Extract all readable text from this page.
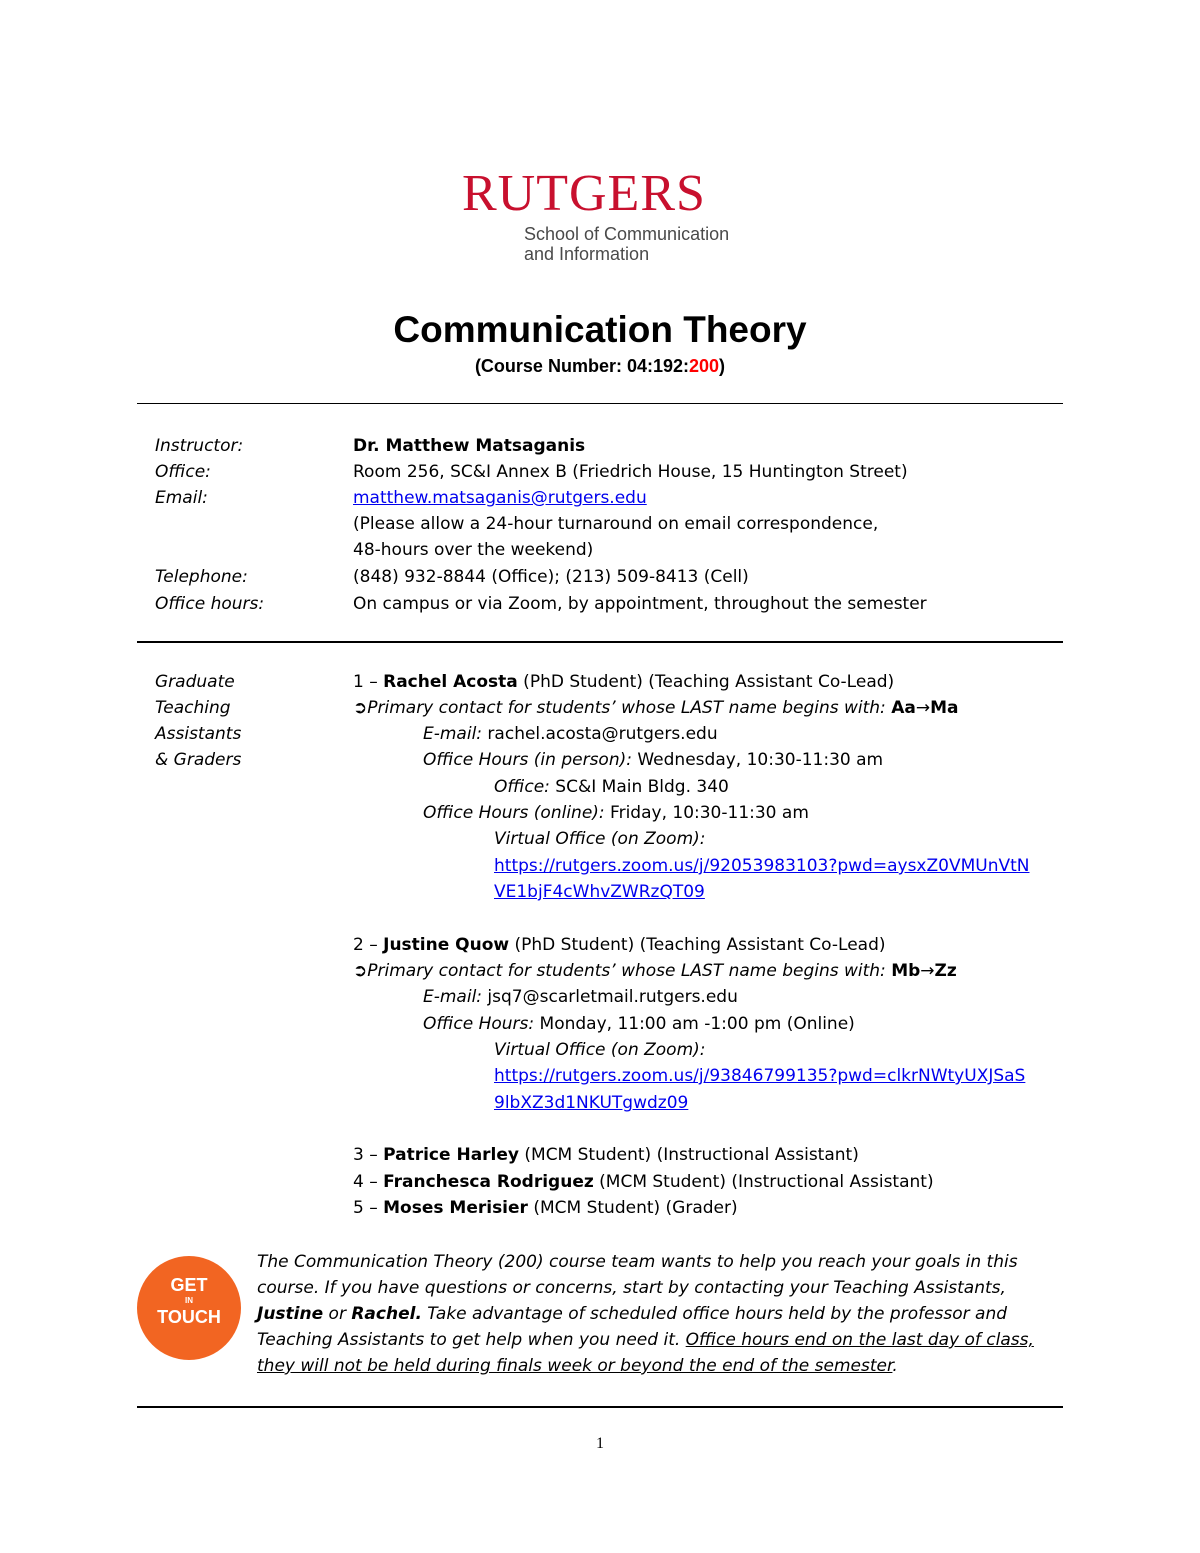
RUTGERS
School of Communication
and Information
Communication Theory
(Course Number: 04:192:200)
Instructor:	Dr. Matthew Matsaganis
Office:	Room 256, SC&I Annex B (Friedrich House, 15 Huntington Street)
Email:	matthew.matsaganis@rutgers.edu
(Please allow a 24-hour turnaround on email correspondence,
48-hours over the weekend)
Telephone:	(848) 932-8844 (Office); (213) 509-8413 (Cell)
Office hours:	On campus or via Zoom, by appointment, throughout the semester
Graduate
Teaching
Assistants
& Graders
1 – Rachel Acosta (PhD Student) (Teaching Assistant Co-Lead)
➲Primary contact for students’ whose LAST name begins with: Aa→Ma
E-mail: rachel.acosta@rutgers.edu
Office Hours (in person): Wednesday, 10:30-11:30 am
Office: SC&I Main Bldg. 340
Office Hours (online): Friday, 10:30-11:30 am
Virtual Office (on Zoom):
https://rutgers.zoom.us/j/92053983103?pwd=aysxZ0VMUnVtN
VE1bjF4cWhvZWRzQT09
2 – Justine Quow (PhD Student) (Teaching Assistant Co-Lead)
➲Primary contact for students’ whose LAST name begins with: Mb→Zz
E-mail: jsq7@scarletmail.rutgers.edu
Office Hours: Monday, 11:00 am -1:00 pm (Online)
Virtual Office (on Zoom):
https://rutgers.zoom.us/j/93846799135?pwd=clkrNWtyUXJSaS
9lbXZ3d1NKUTgwdz09
3 – Patrice Harley (MCM Student) (Instructional Assistant)
4 – Franchesca Rodriguez (MCM Student) (Instructional Assistant)
5 – Moses Merisier (MCM Student) (Grader)
GET
IN
TOUCH

The Communication Theory (200) course team wants to help you reach your goals in this

course. If you have questions or concerns, start by contacting your Teaching Assistants,

Justine or Rachel. Take advantage of scheduled office hours held by the professor and

Teaching Assistants to get help when you need it. Office hours end on the last day of class,

they will not be held during finals week or beyond the end of the semester.

1
